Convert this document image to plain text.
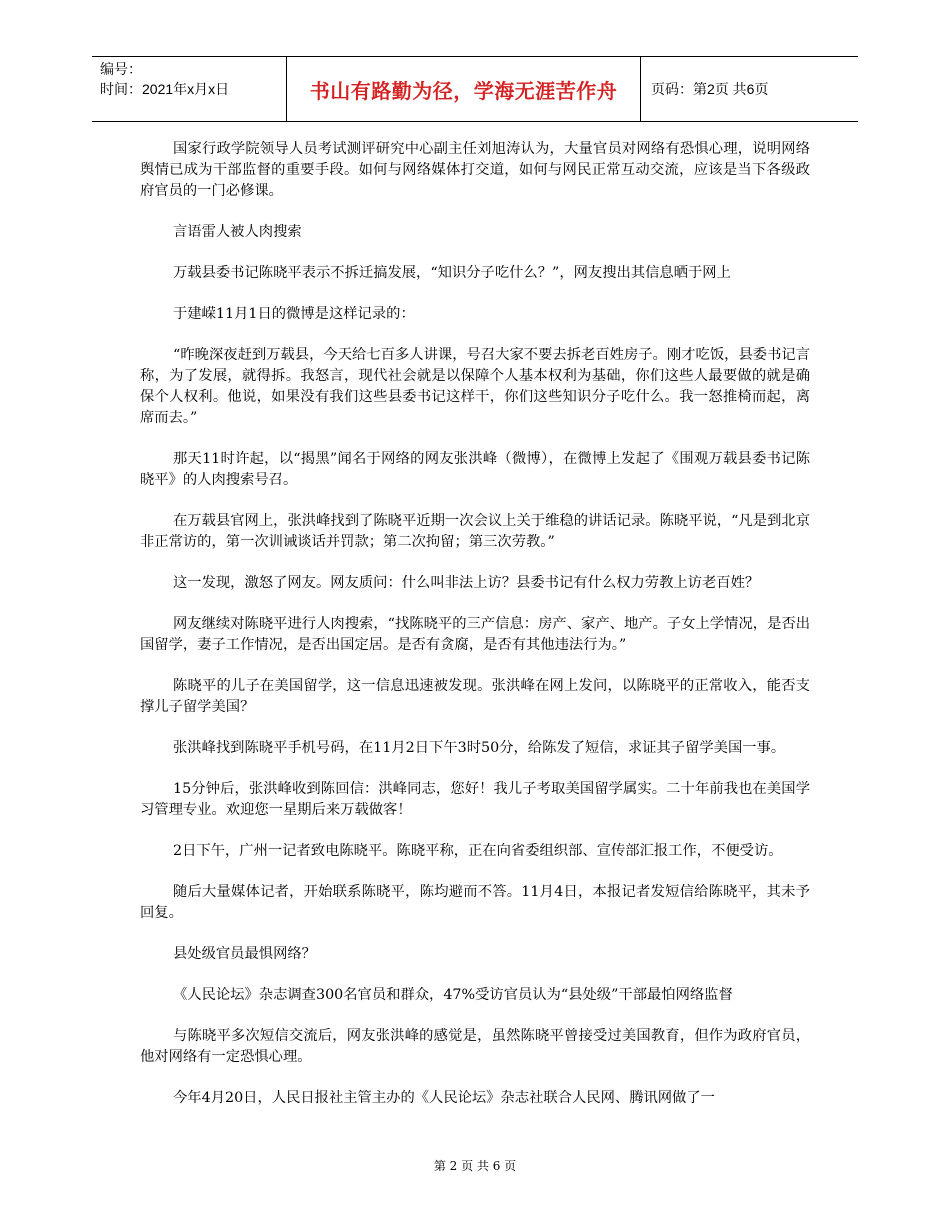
编号：
时间：2021年x月x日	书山有路勤为径，学海无涯苦作舟 页码：第2页 共6页

国家行政学院领导人员考试测评研究中心副主任刘旭涛认为，大量官员对网络有恐惧心理，说明网络舆情已成为干部监督的重要手段。如何与网络媒体打交道，如何与网民正常互动交流，应该是当下各级政府官员的一门必修课。

言语雷人被人肉搜索

万载县委书记陈晓平表示不拆迁搞发展，“知识分子吃什么？”，网友搜出其信息晒于网上

于建嵘11月1日的微博是这样记录的：

“昨晚深夜赶到万载县，今天给七百多人讲课，号召大家不要去拆老百姓房子。刚才吃饭，县委书记言称，为了发展，就得拆。我怒言，现代社会就是以保障个人基本权利为基础，你们这些人最要做的就是确保个人权利。他说，如果没有我们这些县委书记这样干，你们这些知识分子吃什么。我一怒推椅而起，离席而去。”

那天11时许起，以“揭黑”闻名于网络的网友张洪峰（微博），在微博上发起了《围观万载县委书记陈晓平》的人肉搜索号召。

在万载县官网上，张洪峰找到了陈晓平近期一次会议上关于维稳的讲话记录。陈晓平说，“凡是到北京非正常访的，第一次训诫谈话并罚款；第二次拘留；第三次劳教。”

这一发现，激怒了网友。网友质问：什么叫非法上访？县委书记有什么权力劳教上访老百姓？

网友继续对陈晓平进行人肉搜索，“找陈晓平的三产信息：房产、家产、地产。子女上学情况，是否出国留学，妻子工作情况，是否出国定居。是否有贪腐，是否有其他违法行为。”

陈晓平的儿子在美国留学，这一信息迅速被发现。张洪峰在网上发问，以陈晓平的正常收入，能否支撑儿子留学美国？

张洪峰找到陈晓平手机号码，在11月2日下午3时50分，给陈发了短信，求证其子留学美国一事。

15分钟后，张洪峰收到陈回信：洪峰同志，您好！我儿子考取美国留学属实。二十年前我也在美国学习管理专业。欢迎您一星期后来万载做客！

2日下午，广州一记者致电陈晓平。陈晓平称，正在向省委组织部、宣传部汇报工作，不便受访。

随后大量媒体记者，开始联系陈晓平，陈均避而不答。11月4日，本报记者发短信给陈晓平，其未予回复。

县处级官员最惧网络？

《人民论坛》杂志调查300名官员和群众，47%受访官员认为“县处级”干部最怕网络监督

与陈晓平多次短信交流后，网友张洪峰的感觉是，虽然陈晓平曾接受过美国教育，但作为政府官员，他对网络有一定恐惧心理。

今年4月20日，人民日报社主管主办的《人民论坛》杂志社联合人民网、腾讯网做了一

第 2 页 共 6 页
